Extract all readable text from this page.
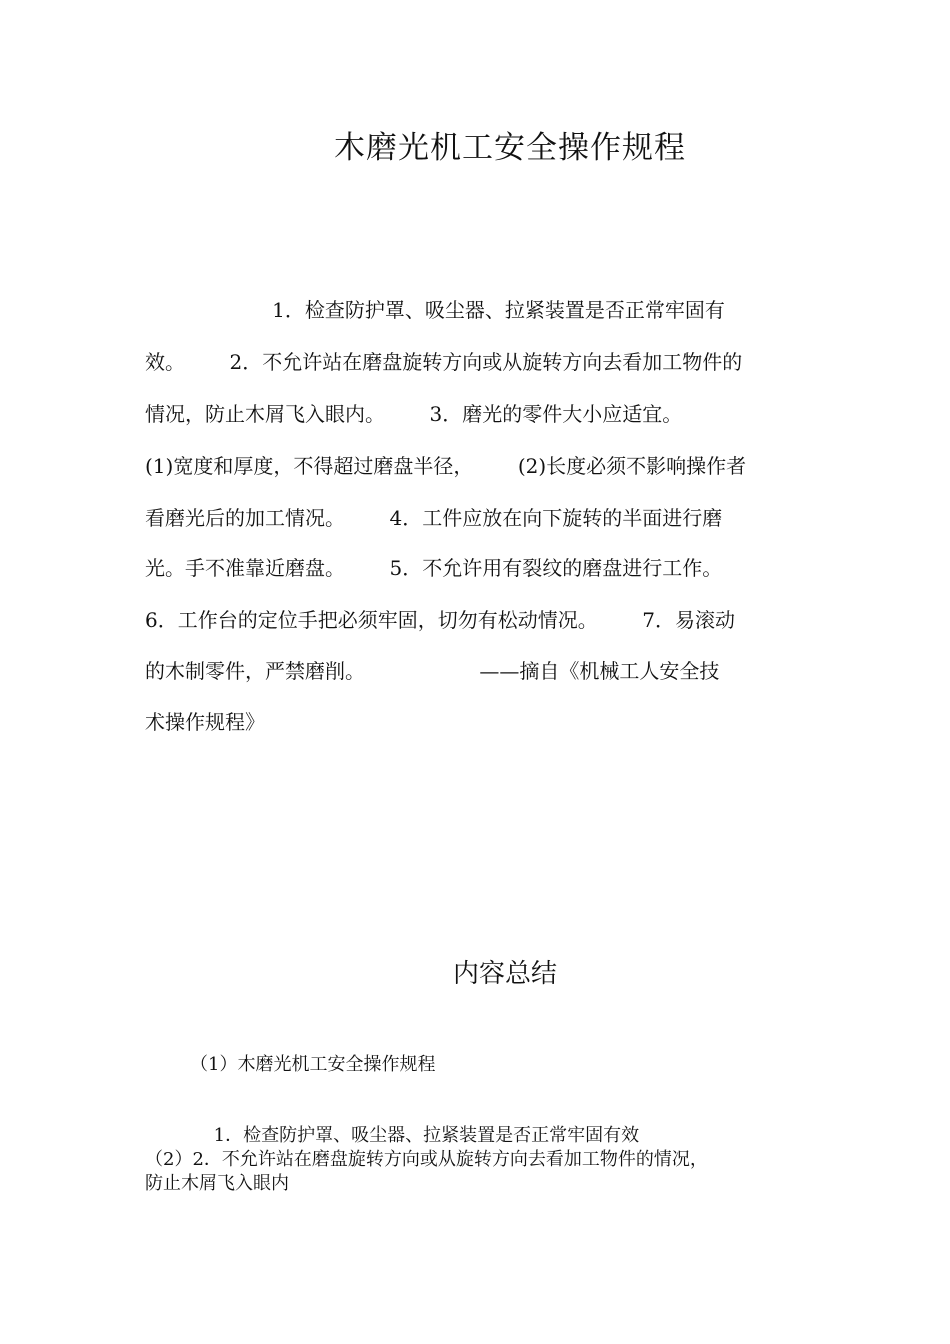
木磨光机工安全操作规程

1．检查防护罩、吸尘器、拉紧装置是否正常牢固有

效。       2．不允许站在磨盘旋转方向或从旋转方向去看加工物件的

情况，防止木屑飞入眼内。       3．磨光的零件大小应适宜。

(1)宽度和厚度，不得超过磨盘半径，       (2)长度必须不影响操作者

看磨光后的加工情况。       4．工件应放在向下旋转的半面进行磨

光。手不准靠近磨盘。       5．不允许用有裂纹的磨盘进行工作。

6．工作台的定位手把必须牢固，切勿有松动情况。       7．易滚动

的木制零件，严禁磨削。                  ——摘自《机械工人安全技

术操作规程》

内容总结

（1）木磨光机工安全操作规程

1．检查防护罩、吸尘器、拉紧装置是否正常牢固有效

（2）2．不允许站在磨盘旋转方向或从旋转方向去看加工物件的情况，

防止木屑飞入眼内
